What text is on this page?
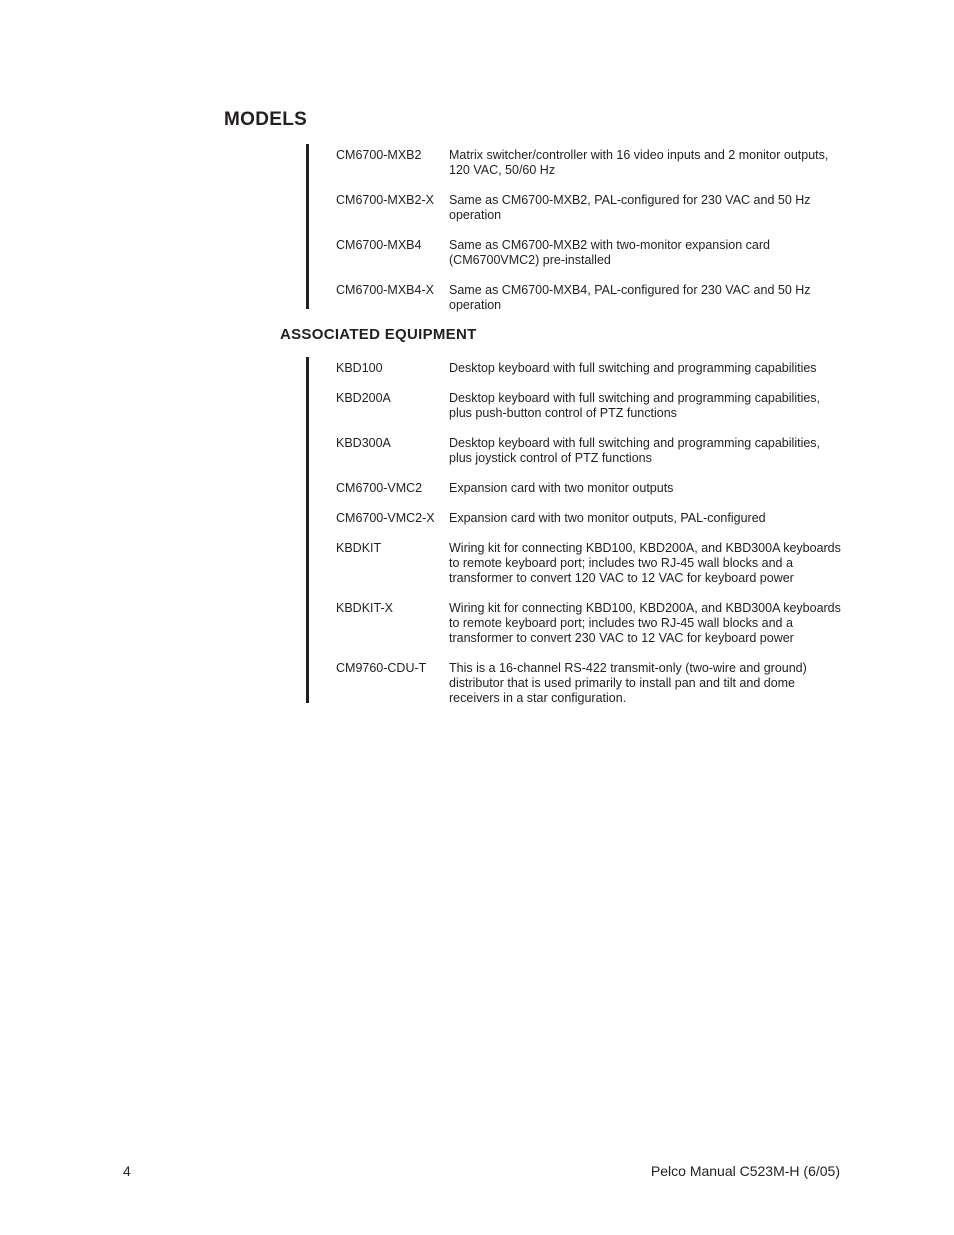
MODELS
CM6700-MXB2	Matrix switcher/controller with 16 video inputs and 2 monitor outputs, 120 VAC, 50/60 Hz
CM6700-MXB2-X	Same as CM6700-MXB2, PAL-configured for 230 VAC and 50 Hz operation
CM6700-MXB4	Same as CM6700-MXB2 with two-monitor expansion card (CM6700VMC2) pre-installed
CM6700-MXB4-X	Same as CM6700-MXB4, PAL-configured for 230 VAC and 50 Hz operation
ASSOCIATED EQUIPMENT
KBD100	Desktop keyboard with full switching and programming capabilities
KBD200A	Desktop keyboard with full switching and programming capabilities, plus push-button control of PTZ functions
KBD300A	Desktop keyboard with full switching and programming capabilities, plus joystick control of PTZ functions
CM6700-VMC2	Expansion card with two monitor outputs
CM6700-VMC2-X	Expansion card with two monitor outputs, PAL-configured
KBDKIT	Wiring kit for connecting KBD100, KBD200A, and KBD300A keyboards to remote keyboard port; includes two RJ-45 wall blocks and a transformer to convert 120 VAC to 12 VAC for keyboard power
KBDKIT-X	Wiring kit for connecting KBD100, KBD200A, and KBD300A keyboards to remote keyboard port; includes two RJ-45 wall blocks and a transformer to convert 230 VAC to 12 VAC for keyboard power
CM9760-CDU-T	This is a 16-channel RS-422 transmit-only (two-wire and ground) distributor that is used primarily to install pan and tilt and dome receivers in a star configuration.
4	Pelco Manual C523M-H (6/05)
